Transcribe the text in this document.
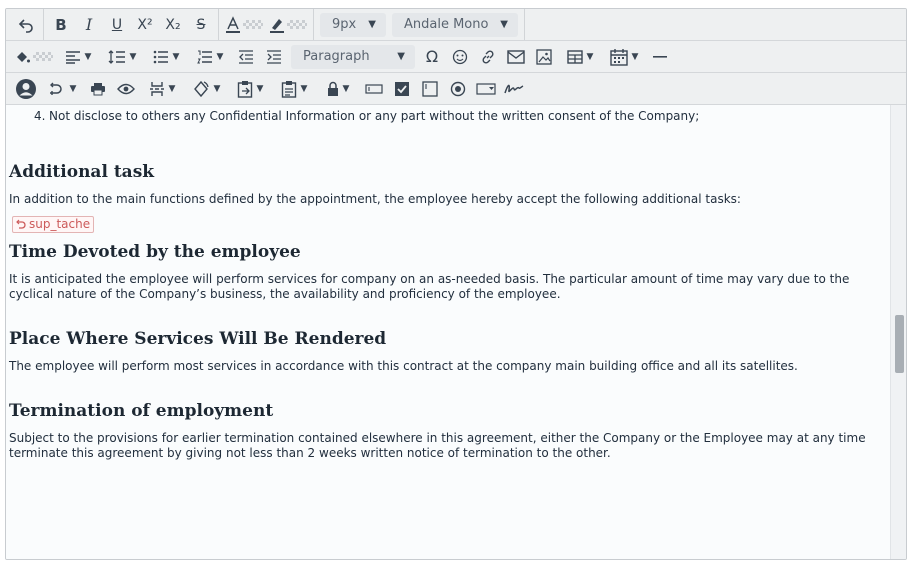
B I U X² X₂ S	9px ▼ Andale Mono ▼
▼	▼	▼	▼	Paragraph	▼ Ω	▼	▼
▼	▼	▼	▼	▼	▼
4. Not disclose to others any Confidential Information or any part without the written consent of the Company;
Additional task

In addition to the main functions defined by the appointment, the employee hereby accept the following additional tasks:

sup_tache
Time Devoted by the employee

It is anticipated the employee will perform services for company on an as-needed basis. The particular amount of time may vary due to the
cyclical nature of the Company’s business, the availability and proficiency of the employee.

Place Where Services Will Be Rendered

The employee will perform most services in accordance with this contract at the company main building office and all its satellites.

Termination of employment

Subject to the provisions for earlier termination contained elsewhere in this agreement, either the Company or the Employee may at any time
terminate this agreement by giving not less than 2 weeks written notice of termination to the other.
